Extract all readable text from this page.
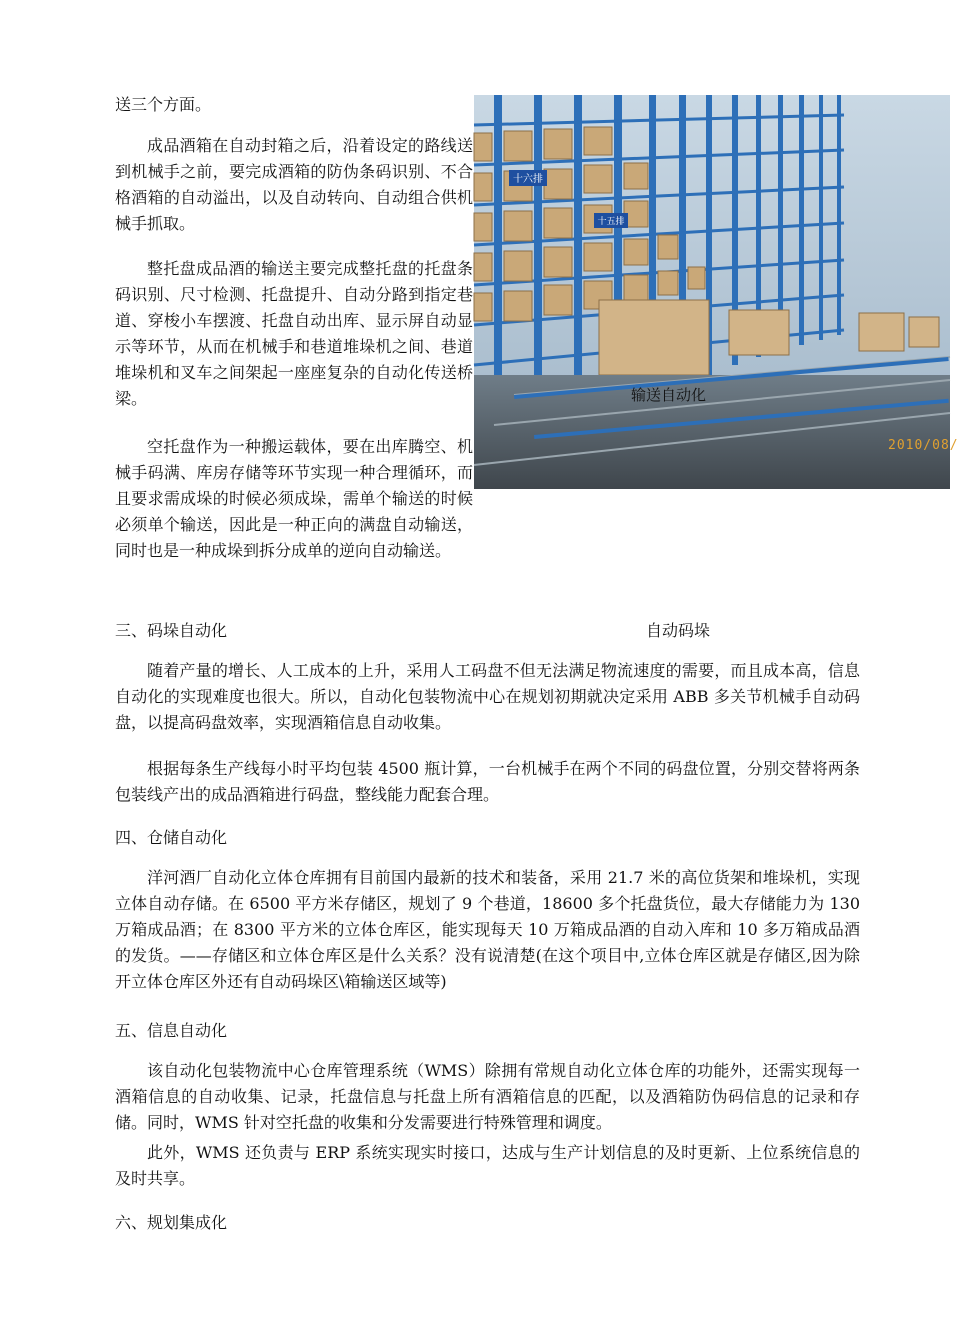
送三个方面。

成品酒箱在自动封箱之后，沿着设定的路线送到机械手之前，要完成酒箱的防伪条码识别、不合格酒箱的自动溢出，以及自动转向、自动组合供机械手抓取。

整托盘成品酒的输送主要完成整托盘的托盘条码识别、尺寸检测、托盘提升、自动分路到指定巷道、穿梭小车摆渡、托盘自动出库、显示屏自动显示等环节，从而在机械手和巷道堆垛机之间、巷道堆垛机和叉车之间架起一座座复杂的自动化传送桥梁。

空托盘作为一种搬运载体，要在出库腾空、机械手码满、库房存储等环节实现一种合理循环，而且要求需成垛的时候必须成垛，需单个输送的时候必须单个输送，因此是一种正向的满盘自动输送，同时也是一种成垛到拆分成单的逆向自动输送。

十六排
十五排
输送自动化
2010/08/

三、码垛自动化	自动码垛

随着产量的增长、人工成本的上升，采用人工码盘不但无法满足物流速度的需要，而且成本高，信息自动化的实现难度也很大。所以，自动化包装物流中心在规划初期就决定采用 ABB 多关节机械手自动码盘，以提高码盘效率，实现酒箱信息自动收集。

根据每条生产线每小时平均包装 4500 瓶计算，一台机械手在两个不同的码盘位置，分别交替将两条包装线产出的成品酒箱进行码盘，整线能力配套合理。

四、仓储自动化

洋河酒厂自动化立体仓库拥有目前国内最新的技术和装备，采用 21.7 米的高位货架和堆垛机，实现立体自动存储。在 6500 平方米存储区，规划了 9 个巷道，18600 多个托盘货位，最大存储能力为 130 万箱成品酒；在 8300 平方米的立体仓库区，能实现每天 10 万箱成品酒的自动入库和 10 多万箱成品酒的发货。——存储区和立体仓库区是什么关系？没有说清楚(在这个项目中,立体仓库区就是存储区,因为除开立体仓库区外还有自动码垛区\箱输送区域等)

五、信息自动化

该自动化包装物流中心仓库管理系统（WMS）除拥有常规自动化立体仓库的功能外，还需实现每一酒箱信息的自动收集、记录，托盘信息与托盘上所有酒箱信息的匹配，以及酒箱防伪码信息的记录和存储。同时，WMS 针对空托盘的收集和分发需要进行特殊管理和调度。

此外，WMS 还负责与 ERP 系统实现实时接口，达成与生产计划信息的及时更新、上位系统信息的及时共享。

六、规划集成化
